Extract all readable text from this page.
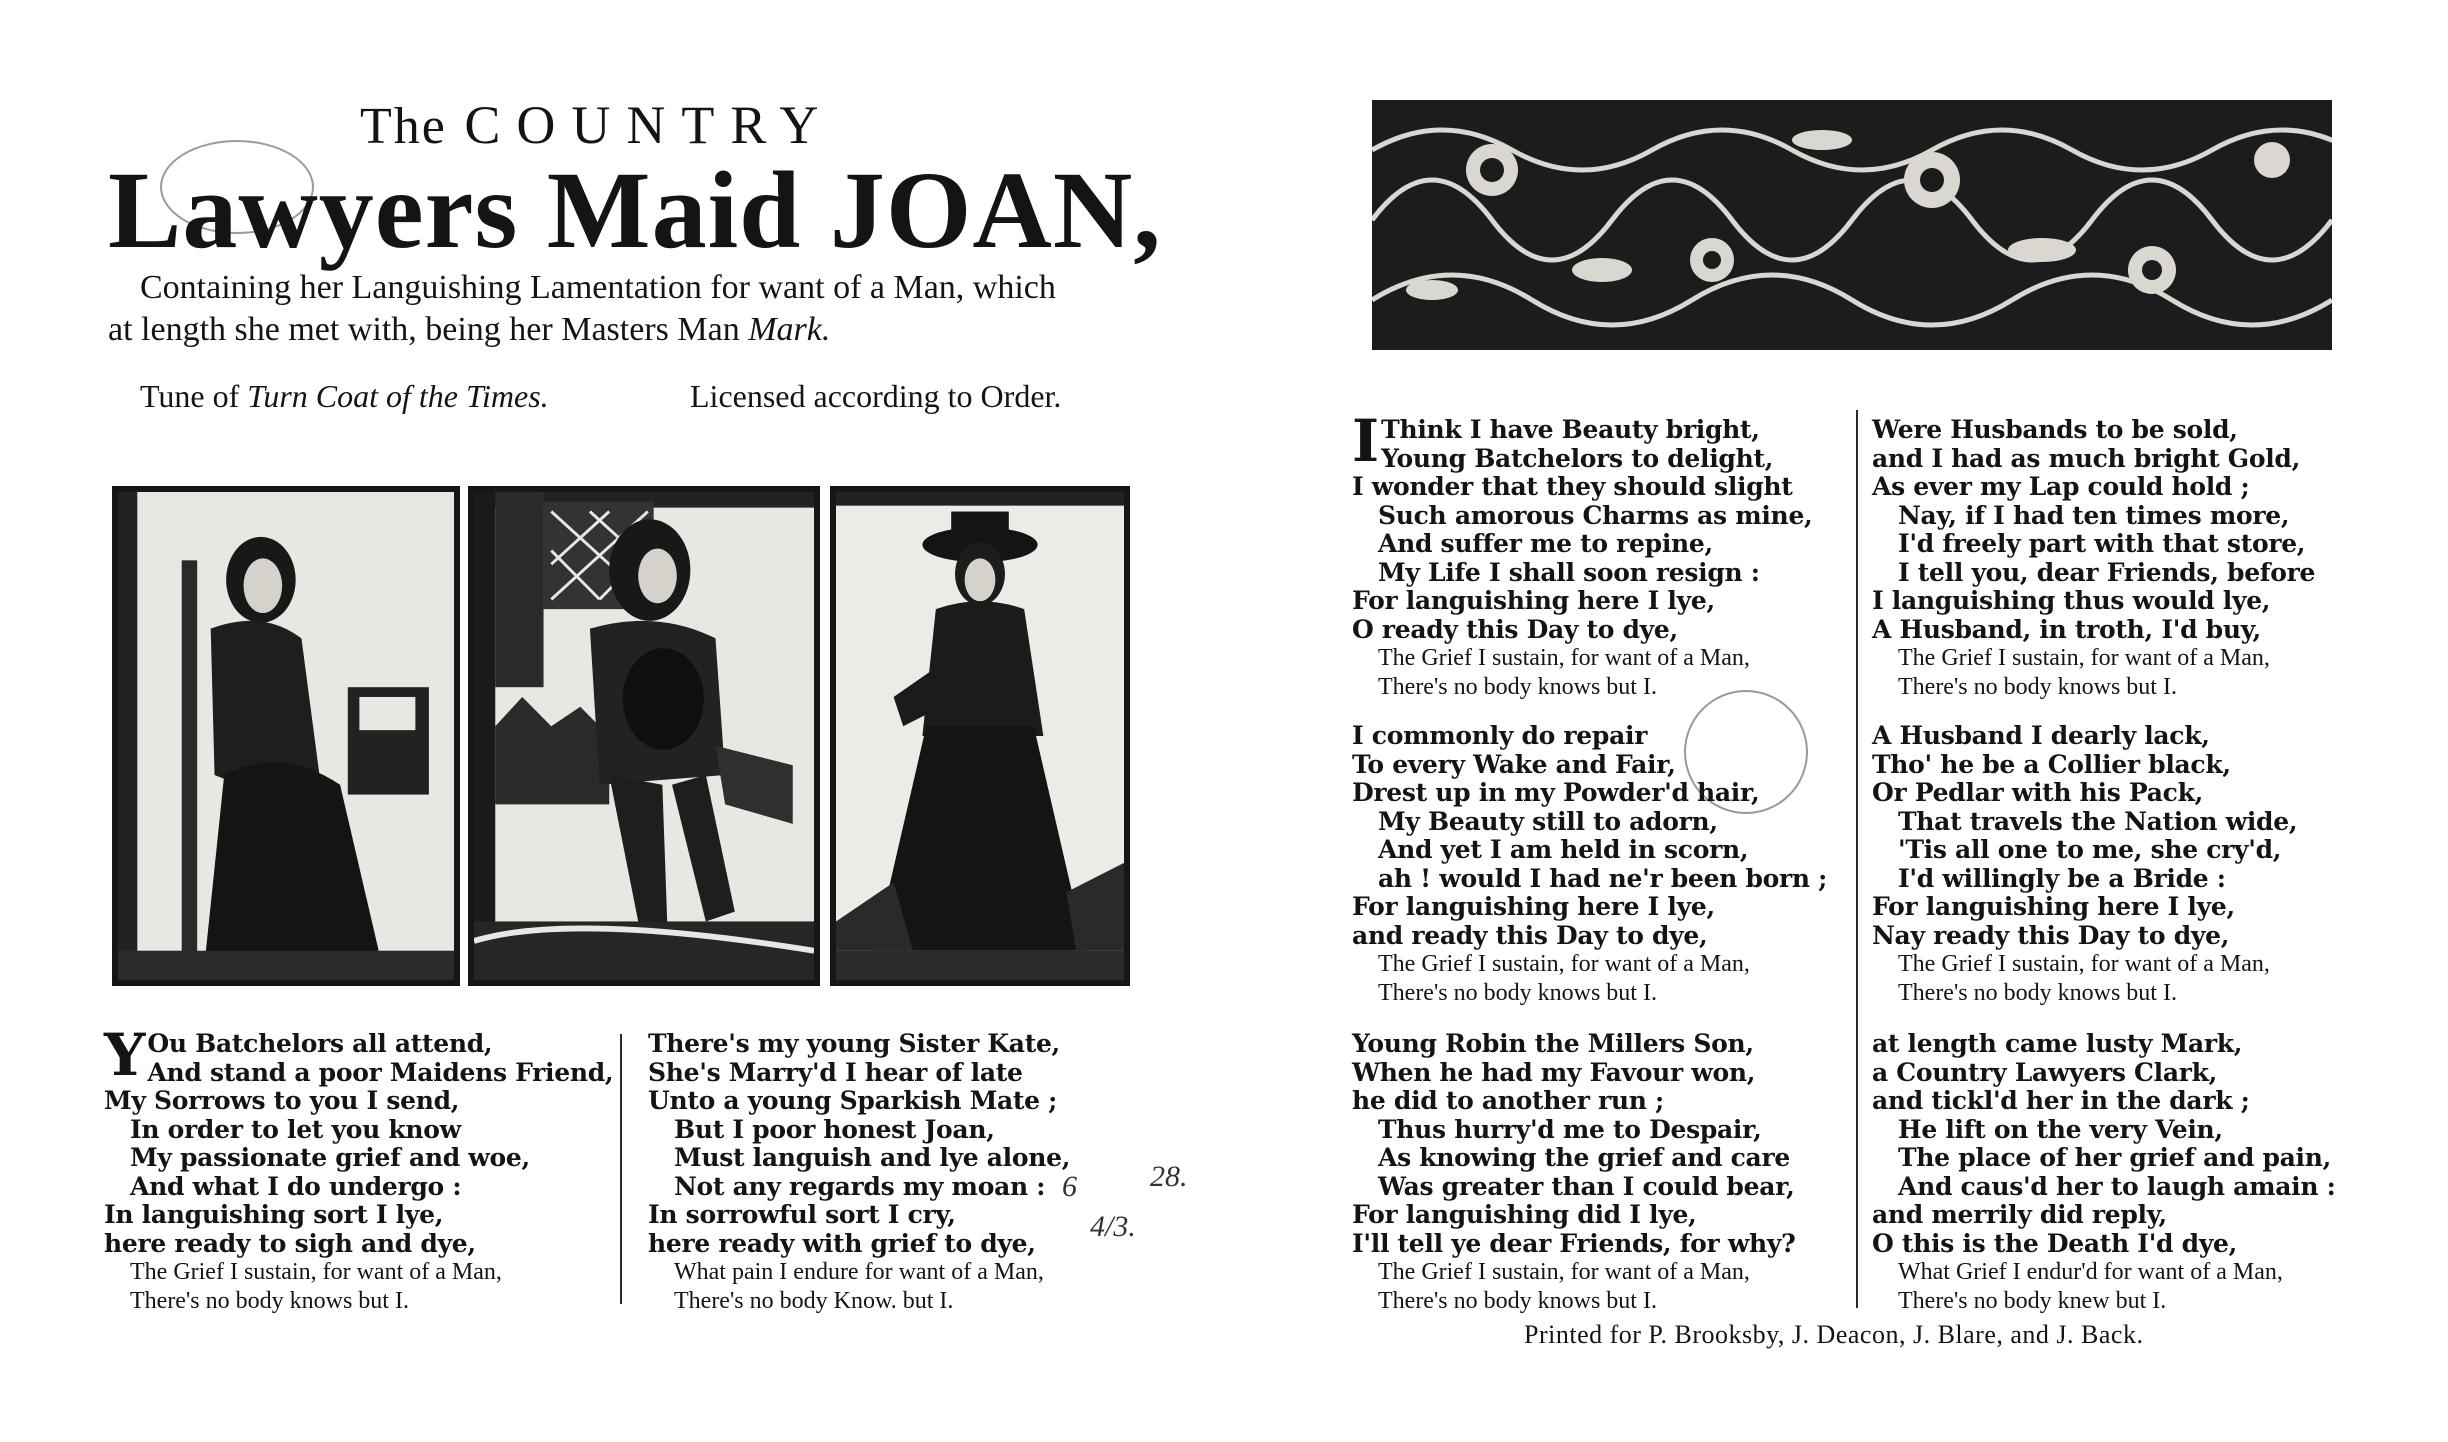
The COUNTRY
Lawyers Maid JOAN,
Containing her Languishing Lamentation for want of a Man, which
at length she met with, being her Masters Man Mark.
Tune of Turn Coat of the Times.	Licensed according to Order.
Y Ou Batchelors all attend,
And stand a poor Maidens Friend,
My Sorrows to you I send,
In order to let you know
My passionate grief and woe,
And what I do undergo :
In languishing sort I lye,
here ready to sigh and dye,
The Grief I sustain, for want of a Man,
There's no body knows but I.
There's my young Sister Kate,
She's Marry'd I hear of late
Unto a young Sparkish Mate ;
But I poor honest Joan,
Must languish and lye alone,
Not any regards my moan :
In sorrowful sort I cry,
here ready with grief to dye,
What pain I endure for want of a Man,
There's no body Know. but I.
6 28.
4/3.
I Think I have Beauty bright,
Young Batchelors to delight,
I wonder that they should slight
Such amorous Charms as mine,
And suffer me to repine,
My Life I shall soon resign :
For languishing here I lye,
O ready this Day to dye,
The Grief I sustain, for want of a Man,
There's no body knows but I.
I commonly do repair
To every Wake and Fair,
Drest up in my Powder'd hair,
My Beauty still to adorn,
And yet I am held in scorn,
ah ! would I had ne'r been born ;
For languishing here I lye,
and ready this Day to dye,
The Grief I sustain, for want of a Man,
There's no body knows but I.
Young Robin the Millers Son,
When he had my Favour won,
he did to another run ;
Thus hurry'd me to Despair,
As knowing the grief and care
Was greater than I could bear,
For languishing did I lye,
I'll tell ye dear Friends, for why?
The Grief I sustain, for want of a Man,
There's no body knows but I.
Were Husbands to be sold,
and I had as much bright Gold,
As ever my Lap could hold ;
Nay, if I had ten times more,
I'd freely part with that store,
I tell you, dear Friends, before
I languishing thus would lye,
A Husband, in troth, I'd buy,
The Grief I sustain, for want of a Man,
There's no body knows but I.
A Husband I dearly lack,
Tho' he be a Collier black,
Or Pedlar with his Pack,
That travels the Nation wide,
'Tis all one to me, she cry'd,
I'd willingly be a Bride :
For languishing here I lye,
Nay ready this Day to dye,
The Grief I sustain, for want of a Man,
There's no body knows but I.
at length came lusty Mark,
a Country Lawyers Clark,
and tickl'd her in the dark ;
He lift on the very Vein,
The place of her grief and pain,
And caus'd her to laugh amain :
and merrily did reply,
O this is the Death I'd dye,
What Grief I endur'd for want of a Man,
There's no body knew but I.
Printed for P. Brooksby, J. Deacon, J. Blare, and J. Back.
